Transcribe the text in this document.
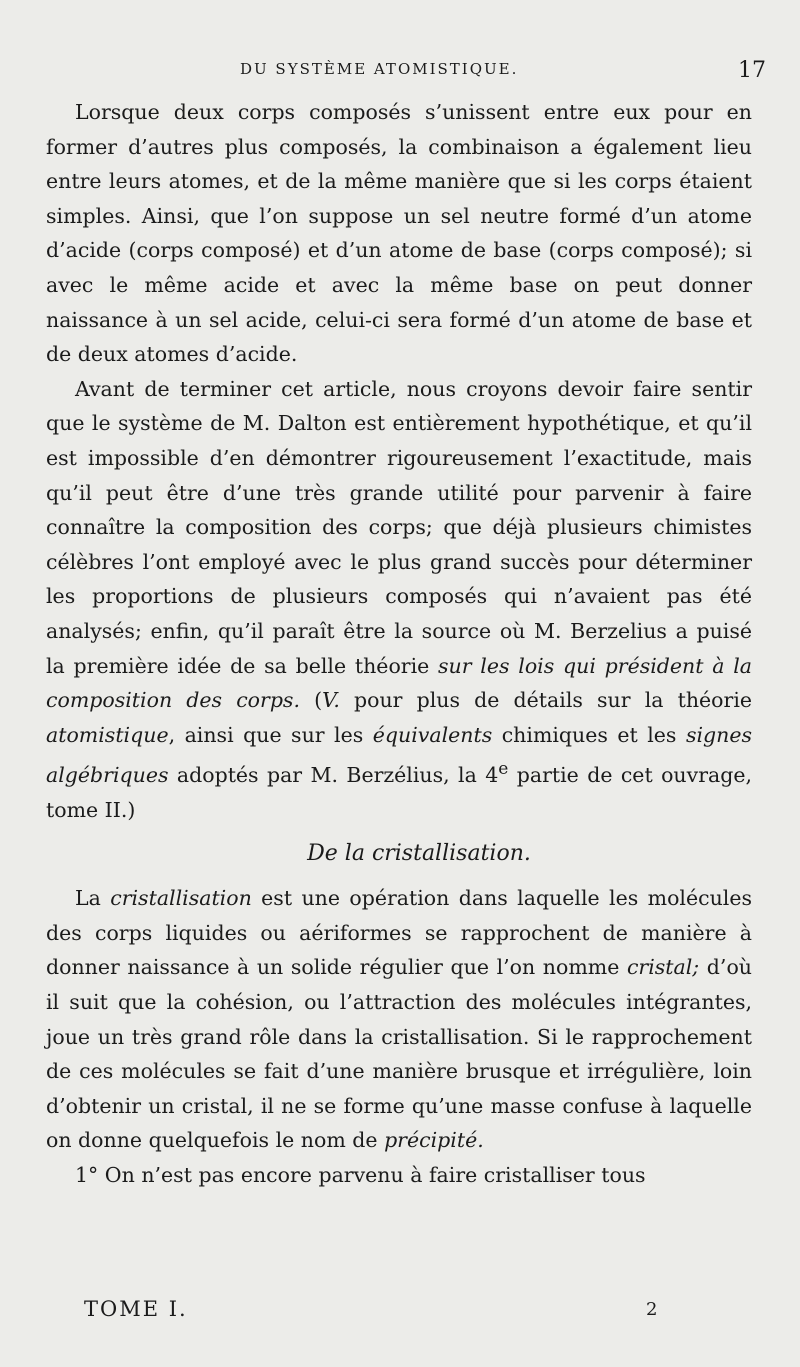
DU SYSTÈME ATOMISTIQUE.	17

Lorsque deux corps composés s’unissent entre eux pour en former d’autres plus composés, la combinaison a également lieu entre leurs atomes, et de la même manière que si les corps étaient simples. Ainsi, que l’on suppose un sel neutre formé d’un atome d’acide (corps composé) et d’un atome de base (corps composé); si avec le même acide et avec la même base on peut donner naissance à un sel acide, celui-ci sera formé d’un atome de base et de deux atomes d’acide.

Avant de terminer cet article, nous croyons devoir faire sentir que le système de M. Dalton est entièrement hypothétique, et qu’il est impossible d’en démontrer rigoureusement l’exactitude, mais qu’il peut être d’une très grande utilité pour parvenir à faire connaître la composition des corps; que déjà plusieurs chimistes célèbres l’ont employé avec le plus grand succès pour déterminer les proportions de plusieurs composés qui n’avaient pas été analysés; enfin, qu’il paraît être la source où M. Berzelius a puisé la première idée de sa belle théorie sur les lois qui président à la composition des corps. (V. pour plus de détails sur la théorie atomistique, ainsi que sur les équivalents chimiques et les signes algébriques adoptés par M. Berzélius, la 4e partie de cet ouvrage, tome II.)

De la cristallisation.

La cristallisation est une opération dans laquelle les molécules des corps liquides ou aériformes se rapprochent de manière à donner naissance à un solide régulier que l’on nomme cristal; d’où il suit que la cohésion, ou l’attraction des molécules intégrantes, joue un très grand rôle dans la cristallisation. Si le rapprochement de ces molécules se fait d’une manière brusque et irrégulière, loin d’obtenir un cristal, il ne se forme qu’une masse confuse à laquelle on donne quelquefois le nom de précipité.

1° On n’est pas encore parvenu à faire cristalliser tous

TOME I.	2
